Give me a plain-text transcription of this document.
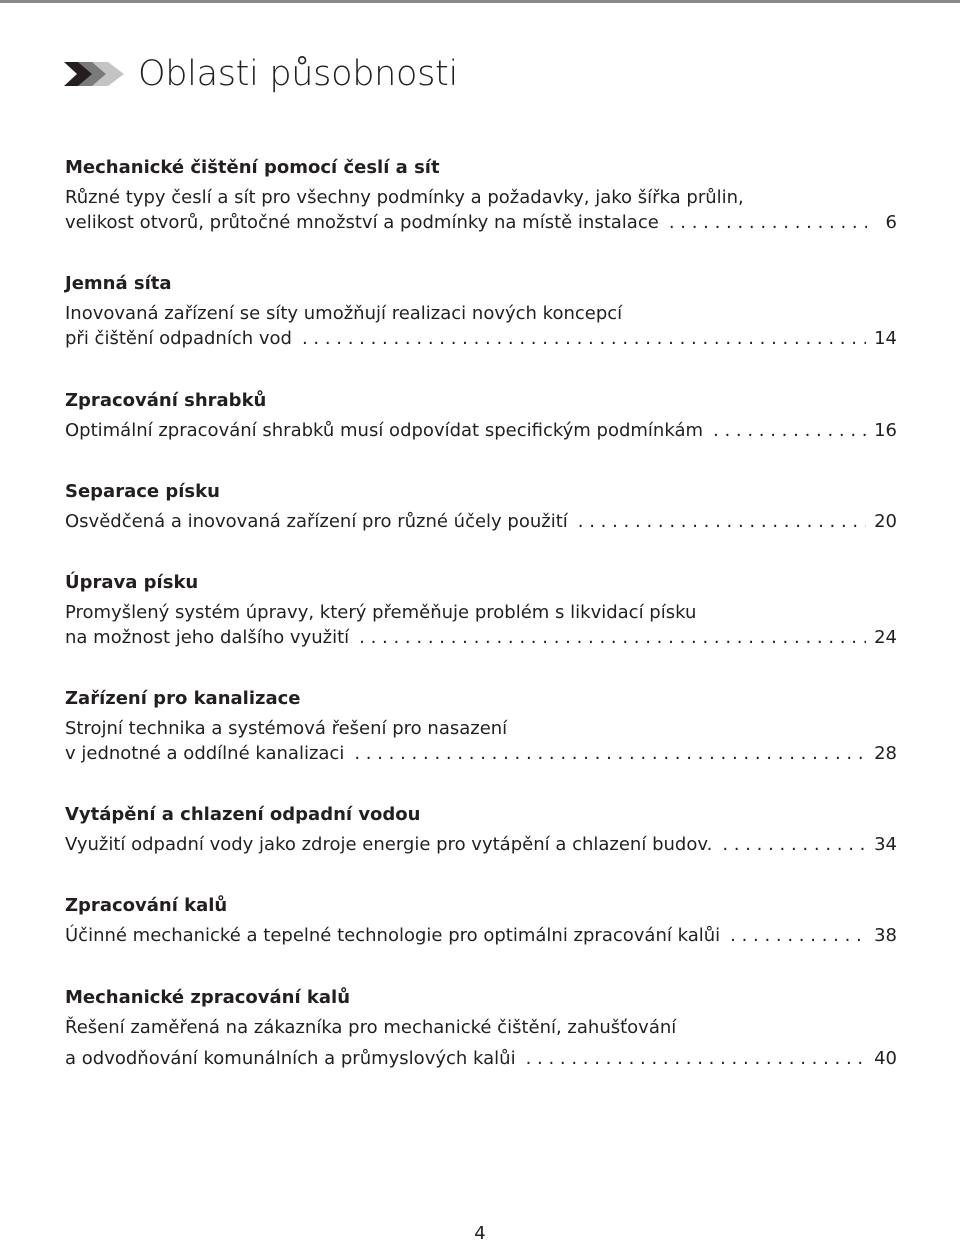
Oblasti působnosti
Mechanické čištění pomocí česlí a sít
Různé typy česlí a sít pro všechny podmínky a požadavky, jako šířka průlin,
velikost otvorů, průtočné množství a podmínky na místě instalace . . .	6
Jemná síta
Inovovaná zařízení se síty umožňují realizaci nových koncepcí
při čištění odpadních vod . . .	14
Zpracování shrabků
Optimální zpracování shrabků musí odpovídat specifickým podmínkám . . .	16
Separace písku
Osvědčená a inovovaná zařízení pro různé účely použití . . .	20
Úprava písku
Promyšlený systém úpravy, který přeměňuje problém s likvidací písku
na možnost jeho dalšího využití . . .	24
Zařízení pro kanalizace
Strojní technika a systémová řešení pro nasazení
v jednotné a oddílné kanalizaci . . .	28
Vytápění a chlazení odpadní vodou
Využití odpadní vody jako zdroje energie pro vytápění a chlazení budov. . . .	34
Zpracování kalů
Účinné mechanické a tepelné technologie pro optimálni zpracování kalůi . . .	38
Mechanické zpracování kalů
Řešení zaměřená na zákazníka pro mechanické čištění, zahušťování
a odvodňování komunálních a průmyslových kalůi . . .	40
4
